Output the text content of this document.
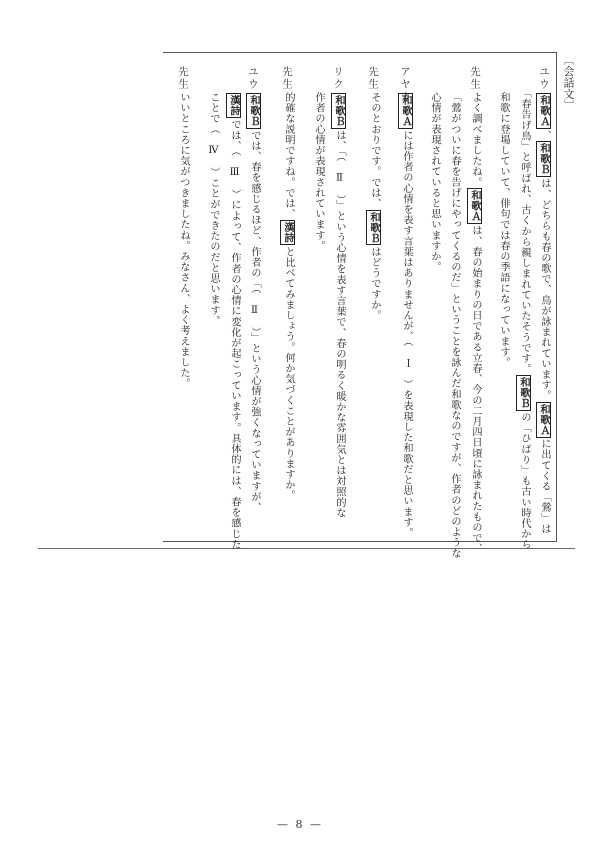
〔会話文〕
ユウ
先生
アヤカ
先生
リク
先生
ユウ
先生
和歌Ａ、和歌Ｂは、どちらも春の歌で、鳥が詠まれています。和歌Ａに出てくる「鶯」は
「春告げ鳥」と呼ばれ、古くから親しまれていたそうです。和歌Ｂの「ひばり」も古い時代から
和歌に登場していて、俳句では春の季語になっています。
よく調べましたね。和歌Ａは、春の始まりの日である立春、今の二月四日頃に詠まれたもので、
「鶯がついに春を告げにやってくるのだ」ということを詠んだ和歌なのですが、作者のどのような
心情が表現されていると思いますか。
和歌Ａには作者の心情を表す言葉はありませんが、（　Ｉ　）を表現した和歌だと思います。
そのとおりです。では、和歌Ｂはどうですか。
和歌Ｂは、「（　Ⅱ　）」という心情を表す言葉で、春の明るく暖かな雰囲気とは対照的な
作者の心情が表現されています。
的確な説明ですね。では、漢詩と比べてみましょう。何か気づくことがありますか。
和歌Ｂでは、春を感じるほど、作者の「（　Ⅱ　）」という心情が強くなっていますが、
漢詩では、（　Ⅲ　）によって、作者の心情に変化が起こっています。具体的には、春を感じた
ことで（　Ⅳ　）ことができたのだと思います。
いいところに気がつきましたね。みなさん、よく考えました。
— 8 —
